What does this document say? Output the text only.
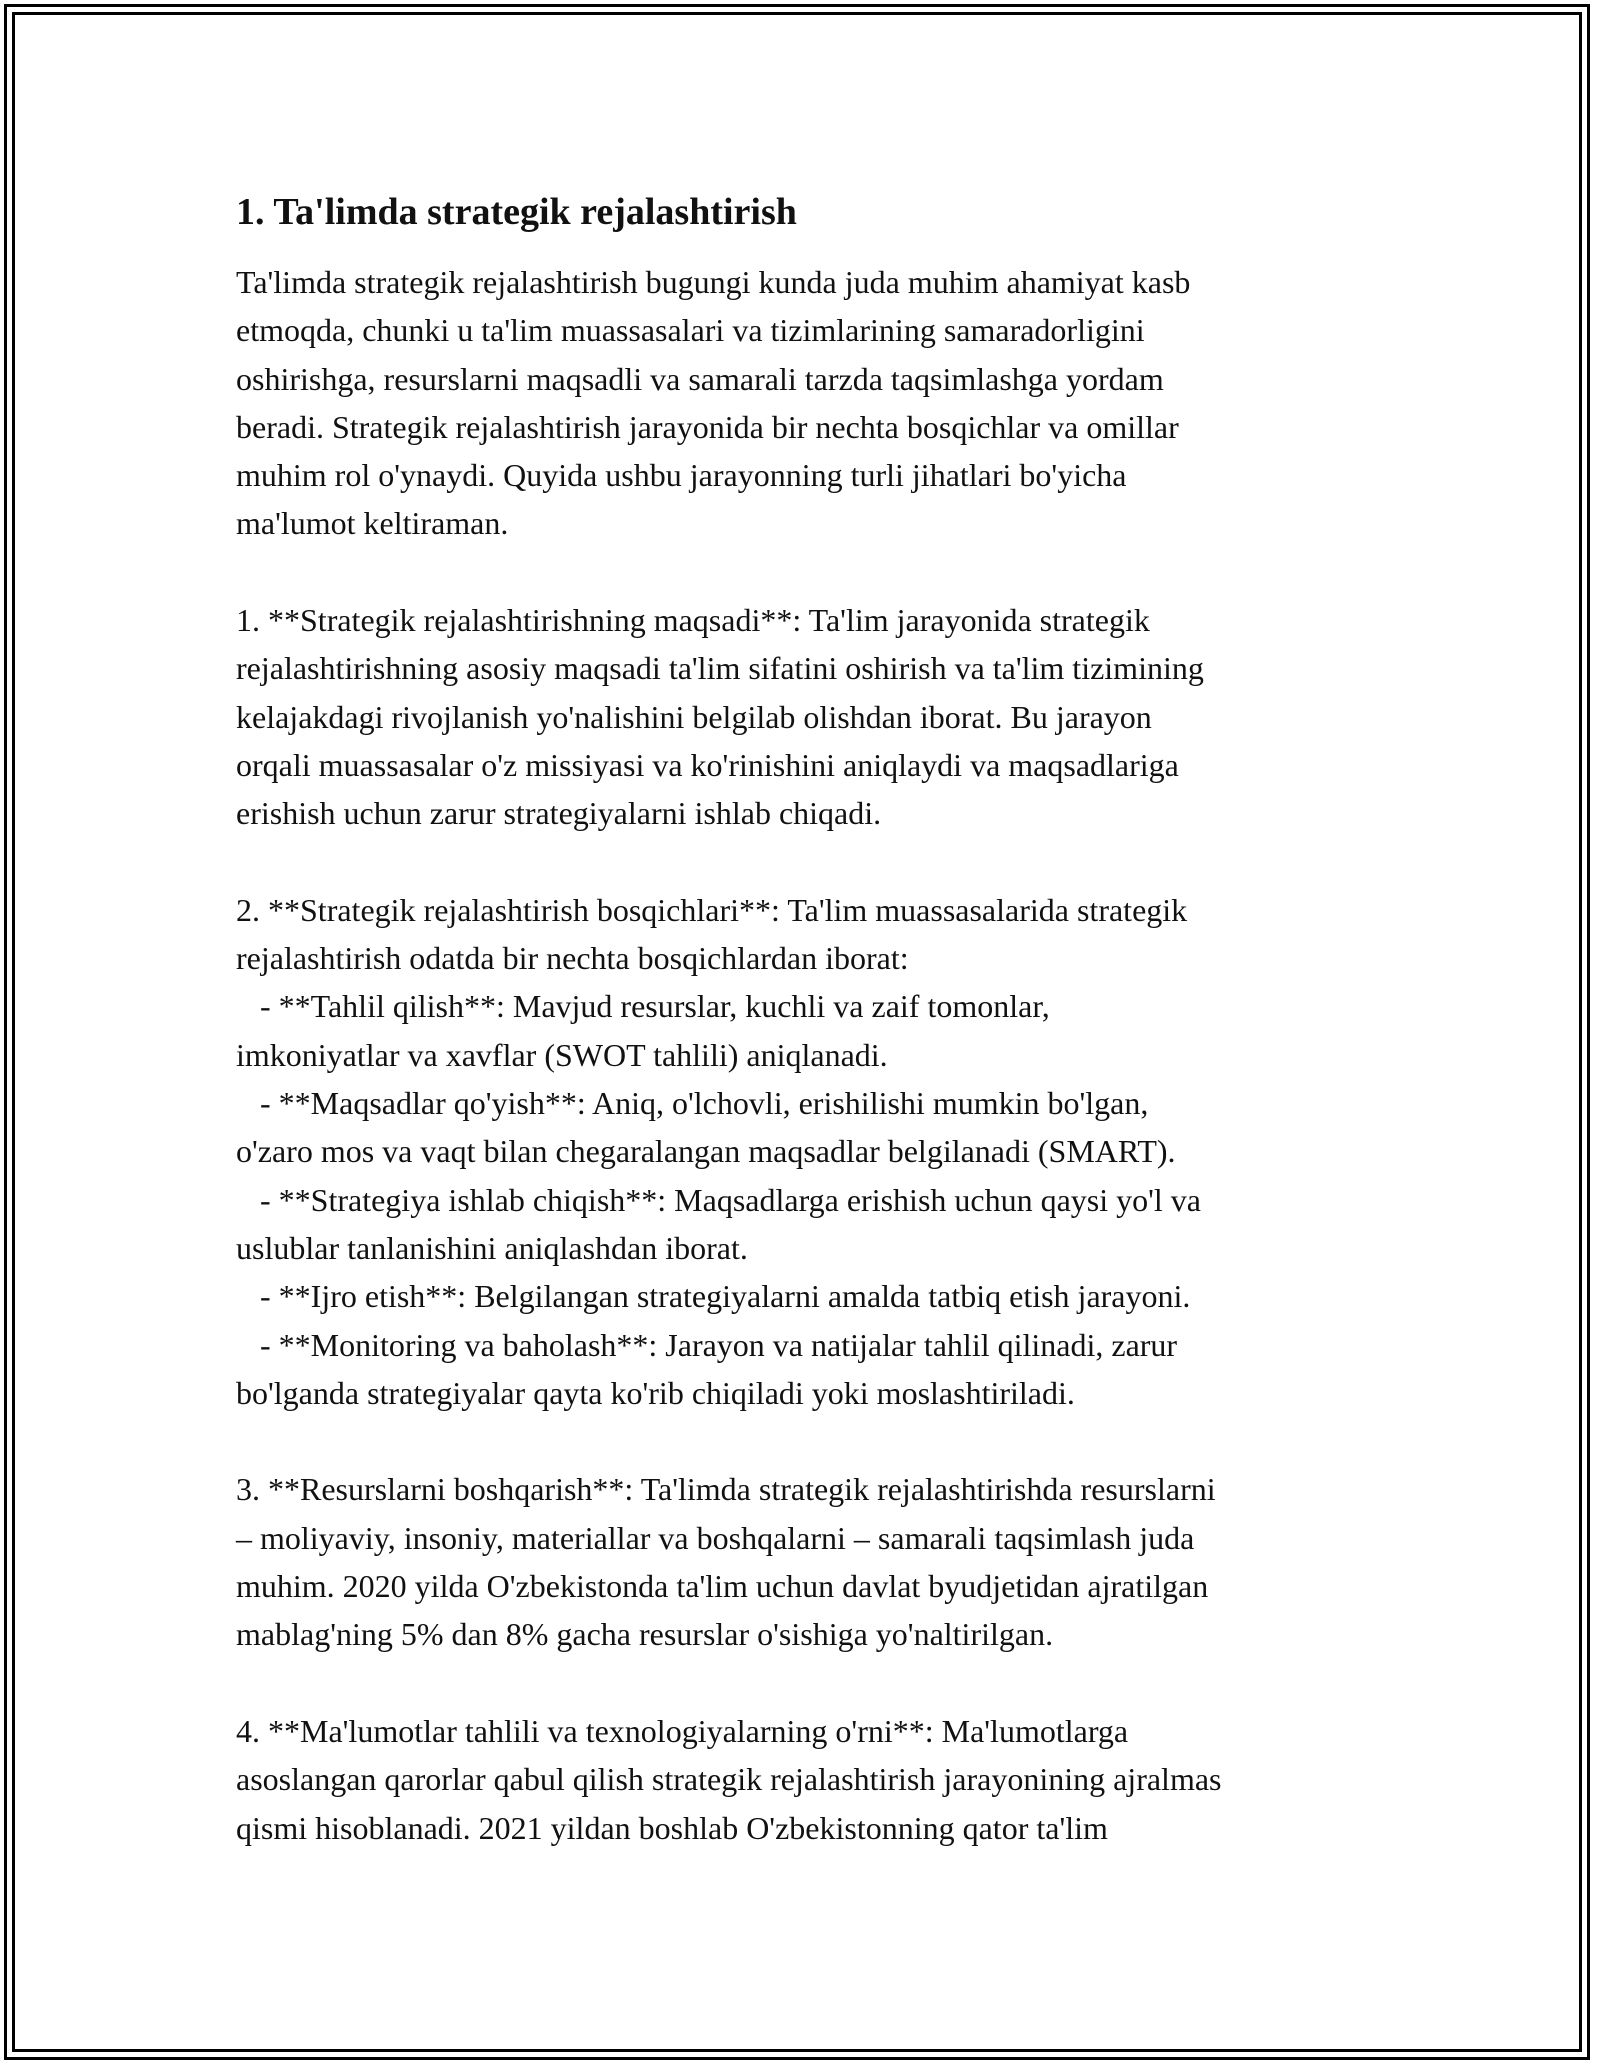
1. Ta'limda strategik rejalashtirish

Ta'limda strategik rejalashtirish bugungi kunda juda muhim ahamiyat kasb
etmoqda, chunki u ta'lim muassasalari va tizimlarining samaradorligini
oshirishga, resurslarni maqsadli va samarali tarzda taqsimlashga yordam
beradi. Strategik rejalashtirish jarayonida bir nechta bosqichlar va omillar
muhim rol o'ynaydi. Quyida ushbu jarayonning turli jihatlari bo'yicha
ma'lumot keltiraman.

1. **Strategik rejalashtirishning maqsadi**: Ta'lim jarayonida strategik
rejalashtirishning asosiy maqsadi ta'lim sifatini oshirish va ta'lim tizimining
kelajakdagi rivojlanish yo'nalishini belgilab olishdan iborat. Bu jarayon
orqali muassasalar o'z missiyasi va ko'rinishini aniqlaydi va maqsadlariga
erishish uchun zarur strategiyalarni ishlab chiqadi.

2. **Strategik rejalashtirish bosqichlari**: Ta'lim muassasalarida strategik
rejalashtirish odatda bir nechta bosqichlardan iborat:
- **Tahlil qilish**: Mavjud resurslar, kuchli va zaif tomonlar,
imkoniyatlar va xavflar (SWOT tahlili) aniqlanadi.
- **Maqsadlar qo'yish**: Aniq, o'lchovli, erishilishi mumkin bo'lgan,
o'zaro mos va vaqt bilan chegaralangan maqsadlar belgilanadi (SMART).
- **Strategiya ishlab chiqish**: Maqsadlarga erishish uchun qaysi yo'l va
uslublar tanlanishini aniqlashdan iborat.
- **Ijro etish**: Belgilangan strategiyalarni amalda tatbiq etish jarayoni.
- **Monitoring va baholash**: Jarayon va natijalar tahlil qilinadi, zarur
bo'lganda strategiyalar qayta ko'rib chiqiladi yoki moslashtiriladi.

3. **Resurslarni boshqarish**: Ta'limda strategik rejalashtirishda resurslarni
– moliyaviy, insoniy, materiallar va boshqalarni – samarali taqsimlash juda
muhim. 2020 yilda O'zbekistonda ta'lim uchun davlat byudjetidan ajratilgan
mablag'ning 5% dan 8% gacha resurslar o'sishiga yo'naltirilgan.

4. **Ma'lumotlar tahlili va texnologiyalarning o'rni**: Ma'lumotlarga
asoslangan qarorlar qabul qilish strategik rejalashtirish jarayonining ajralmas
qismi hisoblanadi. 2021 yildan boshlab O'zbekistonning qator ta'lim
